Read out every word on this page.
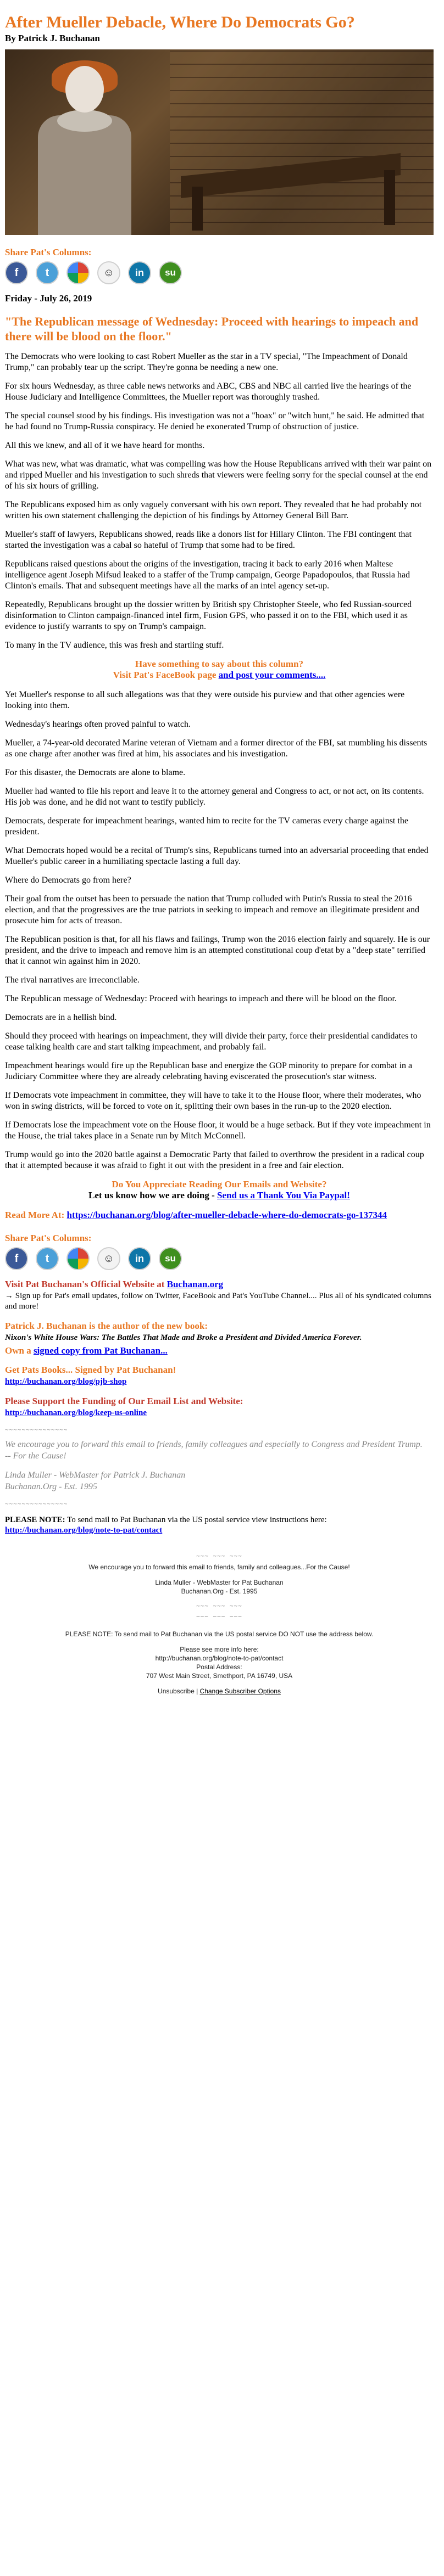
After Mueller Debacle, Where Do Democrats Go?
By Patrick J. Buchanan
Share Pat's Columns:
f	t	☺	in	su
Friday - July 26, 2019
"The Republican message of Wednesday: Proceed with hearings to impeach and there will be blood on the floor."

The Democrats who were looking to cast Robert Mueller as the star in a TV special, "The Impeachment of Donald Trump," can probably tear up the script. They're gonna be needing a new one.

For six hours Wednesday, as three cable news networks and ABC, CBS and NBC all carried live the hearings of the House Judiciary and Intelligence Committees, the Mueller report was thoroughly trashed.

The special counsel stood by his findings. His investigation was not a "hoax" or "witch hunt," he said. He admitted that he had found no Trump-Russia conspiracy. He denied he exonerated Trump of obstruction of justice.

All this we knew, and all of it we have heard for months.

What was new, what was dramatic, what was compelling was how the House Republicans arrived with their war paint on and ripped Mueller and his investigation to such shreds that viewers were feeling sorry for the special counsel at the end of his six hours of grilling.

The Republicans exposed him as only vaguely conversant with his own report. They revealed that he had probably not written his own statement challenging the depiction of his findings by Attorney General Bill Barr.

Mueller's staff of lawyers, Republicans showed, reads like a donors list for Hillary Clinton. The FBI contingent that started the investigation was a cabal so hateful of Trump that some had to be fired.

Republicans raised questions about the origins of the investigation, tracing it back to early 2016 when Maltese intelligence agent Joseph Mifsud leaked to a staffer of the Trump campaign, George Papadopoulos, that Russia had Clinton's emails. That and subsequent meetings have all the marks of an intel agency set-up.

Repeatedly, Republicans brought up the dossier written by British spy Christopher Steele, who fed Russian-sourced disinformation to Clinton campaign-financed intel firm, Fusion GPS, who passed it on to the FBI, which used it as evidence to justify warrants to spy on Trump's campaign.

To many in the TV audience, this was fresh and startling stuff.

Have something to say about this column?
Visit Pat's FaceBook page and post your comments....

Yet Mueller's response to all such allegations was that they were outside his purview and that other agencies were looking into them.

Wednesday's hearings often proved painful to watch.

Mueller, a 74-year-old decorated Marine veteran of Vietnam and a former director of the FBI, sat mumbling his dissents as one charge after another was fired at him, his associates and his investigation.

For this disaster, the Democrats are alone to blame.

Mueller had wanted to file his report and leave it to the attorney general and Congress to act, or not act, on its contents. His job was done, and he did not want to testify publicly.

Democrats, desperate for impeachment hearings, wanted him to recite for the TV cameras every charge against the president.

What Democrats hoped would be a recital of Trump's sins, Republicans turned into an adversarial proceeding that ended Mueller's public career in a humiliating spectacle lasting a full day.

Where do Democrats go from here?

Their goal from the outset has been to persuade the nation that Trump colluded with Putin's Russia to steal the 2016 election, and that the progressives are the true patriots in seeking to impeach and remove an illegitimate president and prosecute him for acts of treason.

The Republican position is that, for all his flaws and failings, Trump won the 2016 election fairly and squarely. He is our president, and the drive to impeach and remove him is an attempted constitutional coup d'etat by a "deep state" terrified that it cannot win against him in 2020.

The rival narratives are irreconcilable.

The Republican message of Wednesday: Proceed with hearings to impeach and there will be blood on the floor.

Democrats are in a hellish bind.

Should they proceed with hearings on impeachment, they will divide their party, force their presidential candidates to cease talking health care and start talking impeachment, and probably fail.

Impeachment hearings would fire up the Republican base and energize the GOP minority to prepare for combat in a Judiciary Committee where they are already celebrating having eviscerated the prosecution's star witness.

If Democrats vote impeachment in committee, they will have to take it to the House floor, where their moderates, who won in swing districts, will be forced to vote on it, splitting their own bases in the run-up to the 2020 election.

If Democrats lose the impeachment vote on the House floor, it would be a huge setback. But if they vote impeachment in the House, the trial takes place in a Senate run by Mitch McConnell.

Trump would go into the 2020 battle against a Democratic Party that failed to overthrow the president in a radical coup that it attempted because it was afraid to fight it out with the president in a free and fair election.

Do You Appreciate Reading Our Emails and Website?
Let us know how we are doing - Send us a Thank You Via Paypal!
Read More At: https://buchanan.org/blog/after-mueller-debacle-where-do-democrats-go-137344
Share Pat's Columns:
f	t	☺	in	su
Visit Pat Buchanan's Official Website at Buchanan.org
→ Sign up for Pat's email updates, follow on Twitter, FaceBook and Pat's YouTube Channel.... Plus all of his syndicated columns and more!
Patrick J. Buchanan is the author of the new book:
Nixon's White House Wars: The Battles That Made and Broke a President and Divided America Forever.
Own a signed copy from Pat Buchanan...
Get Pats Books... Signed by Pat Buchanan!
http://buchanan.org/blog/pjb-shop
Please Support the Funding of Our Email List and Website:
http://buchanan.org/blog/keep-us-online
~~~~~~~~~~~~~~~
We encourage you to forward this email to friends, family colleagues and especially to Congress and President Trump.
-- For the Cause!
Linda Muller - WebMaster for Patrick J. Buchanan
Buchanan.Org - Est. 1995
~~~~~~~~~~~~~~~
PLEASE NOTE: To send mail to Pat Buchanan via the US postal service view instructions here:
http://buchanan.org/blog/note-to-pat/contact
~~~ ~~~ ~~~

We encourage you to forward this email to friends, family and colleagues...For the Cause!

Linda Muller - WebMaster for Pat Buchanan
Buchanan.Org - Est. 1995

~~~ ~~~ ~~~
~~~ ~~~ ~~~

PLEASE NOTE: To send mail to Pat Buchanan via the US postal service DO NOT use the address below.

Please see more info here:
http://buchanan.org/blog/note-to-pat/contact
Postal Address:
707 West Main Street, Smethport, PA 16749, USA

Unsubscribe | Change Subscriber Options
